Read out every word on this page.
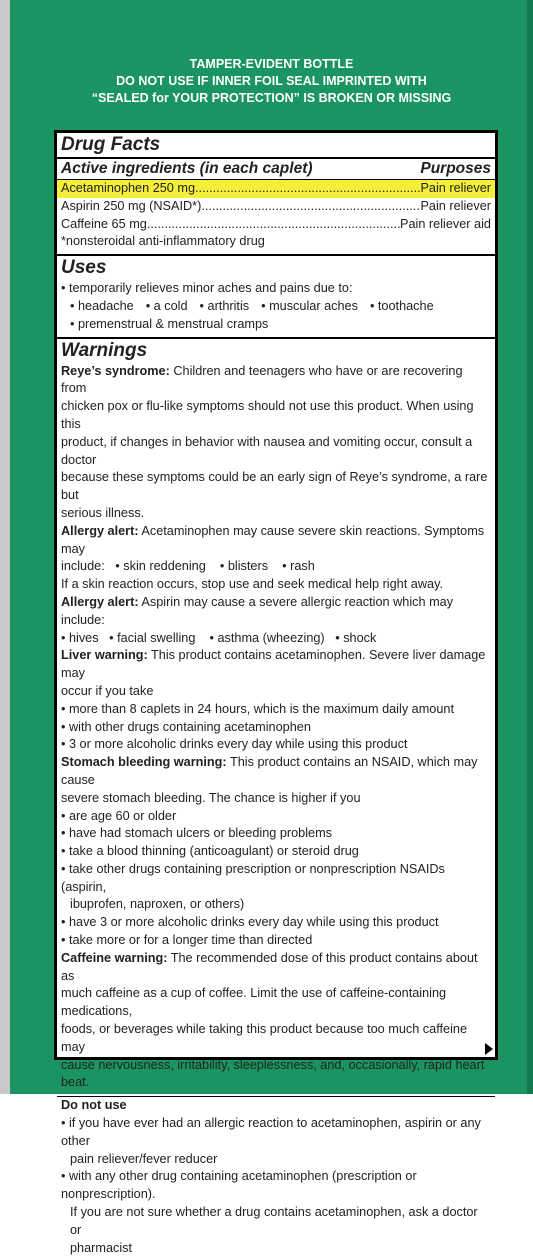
TAMPER-EVIDENT BOTTLE
DO NOT USE IF INNER FOIL SEAL IMPRINTED WITH
“SEALED for YOUR PROTECTION” IS BROKEN OR MISSING
Drug Facts
Active ingredients (in each caplet)	Purposes
Acetaminophen 250 mg .....	Pain reliever
Aspirin 250 mg (NSAID*) .....	Pain reliever
Caffeine 65 mg .....	Pain reliever aid
*nonsteroidal anti-inflammatory drug
Uses
• temporarily relieves minor aches and pains due to:
• headache • a cold • arthritis • muscular aches • toothache
• premenstrual & menstrual cramps
Warnings
Reye’s syndrome: Children and teenagers who have or are recovering from
chicken pox or flu-like symptoms should not use this product. When using this
product, if changes in behavior with nausea and vomiting occur, consult a doctor
because these symptoms could be an early sign of Reye’s syndrome, a rare but
serious illness.
Allergy alert: Acetaminophen may cause severe skin reactions. Symptoms may
include:   • skin reddening    • blisters    • rash
If a skin reaction occurs, stop use and seek medical help right away.
Allergy alert: Aspirin may cause a severe allergic reaction which may include:
• hives   • facial swelling    • asthma (wheezing)   • shock
Liver warning: This product contains acetaminophen. Severe liver damage may
occur if you take
• more than 8 caplets in 24 hours, which is the maximum daily amount
• with other drugs containing acetaminophen
• 3 or more alcoholic drinks every day while using this product
Stomach bleeding warning: This product contains an NSAID, which may cause
severe stomach bleeding. The chance is higher if you
• are age 60 or older
• have had stomach ulcers or bleeding problems
• take a blood thinning (anticoagulant) or steroid drug
• take other drugs containing prescription or nonprescription NSAIDs (aspirin,
ibuprofen, naproxen, or others)
• have 3 or more alcoholic drinks every day while using this product
• take more or for a longer time than directed
Caffeine warning: The recommended dose of this product contains about as
much caffeine as a cup of coffee. Limit the use of caffeine-containing medications,
foods, or beverages while taking this product because too much caffeine may
cause nervousness, irritability, sleeplessness, and, occasionally, rapid heart beat.
Do not use
• if you have ever had an allergic reaction to acetaminophen, aspirin or any other
pain reliever/fever reducer
• with any other drug containing acetaminophen (prescription or nonprescription).
If you are not sure whether a drug contains acetaminophen, ask a doctor or
pharmacist
